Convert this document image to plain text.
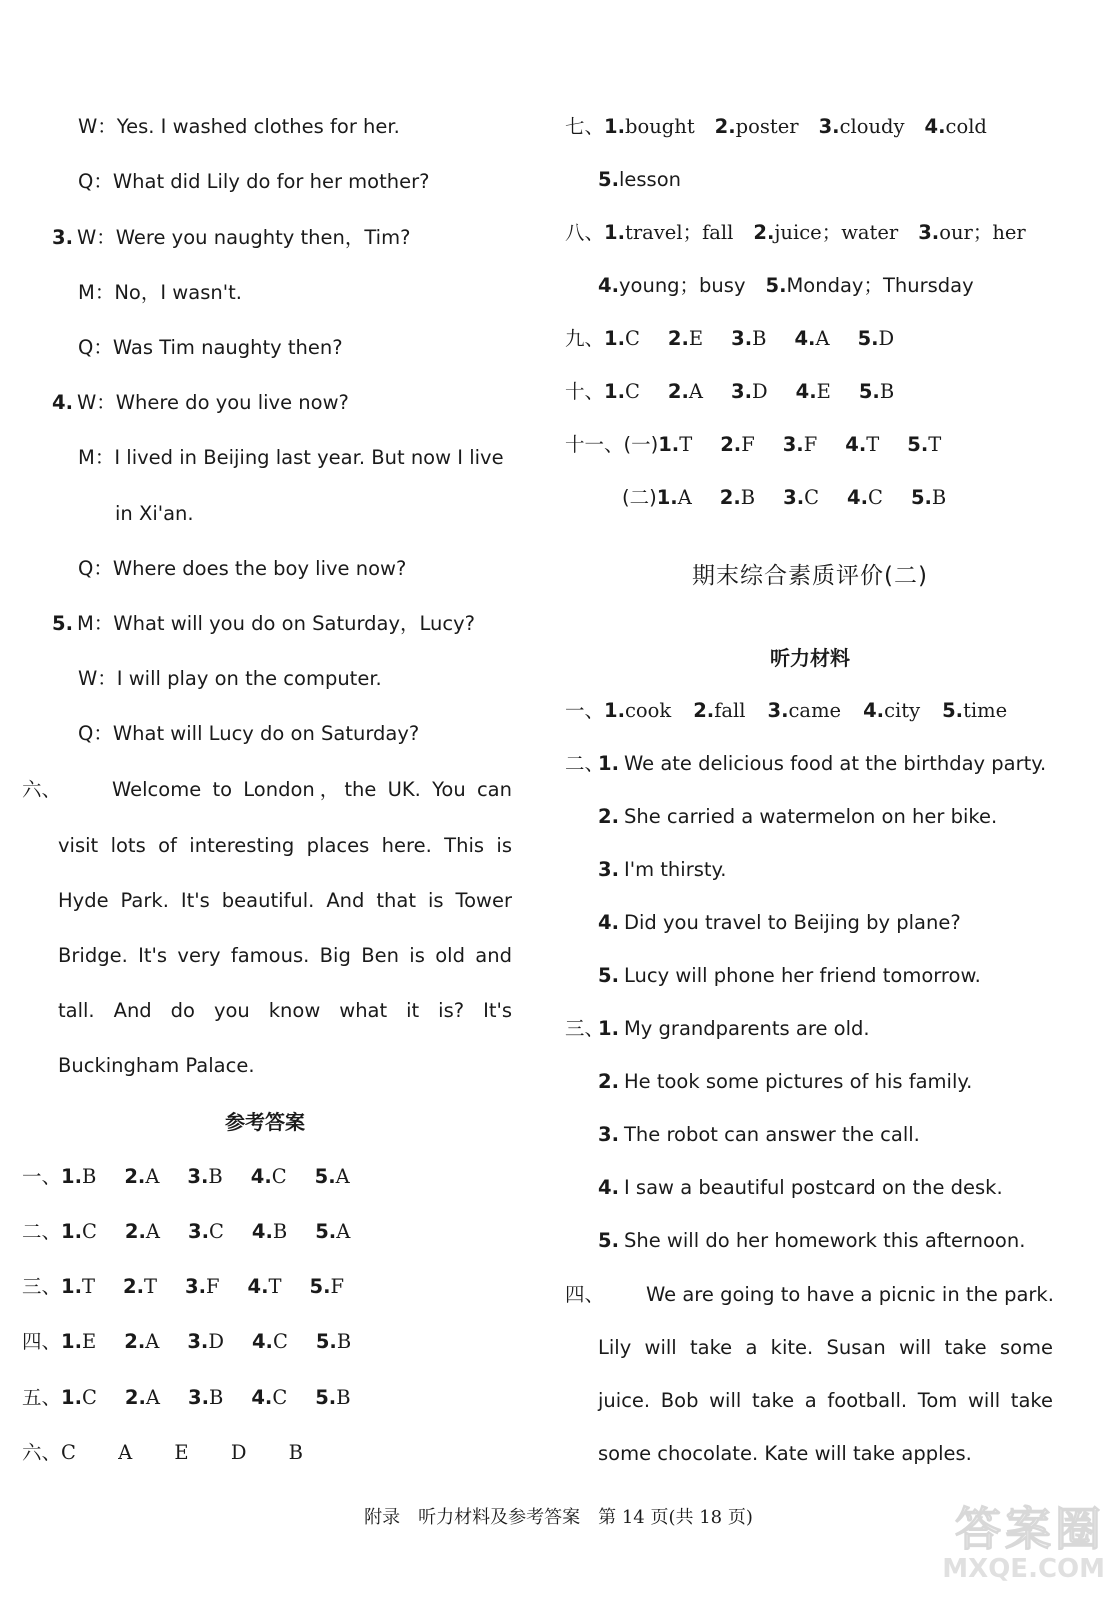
W：Yes. I washed clothes for her.
Q：What did Lily do for her mother?
3. W：Were you naughty then，Tim?
M：No，I wasn't.
Q：Was Tim naughty then?
4. W：Where do you live now?
M：I lived in Beijing last year. But now I live
in Xi'an.
Q：Where does the boy live now?
5. M：What will you do on Saturday，Lucy?
W：I will play on the computer.
Q：What will Lucy do on Saturday?
六、	Welcome to London，the UK. You can
visit lots of interesting places here. This is
Hyde Park. It's beautiful. And that is Tower
Bridge. It's very famous. Big Ben is old and
tall. And do you know what it is? It's
Buckingham Palace.
参考答案
一、1.B 2.A 3.B 4.C 5.A
二、1.C 2.A 3.C 4.B 5.A
三、1.T 2.T 3.F 4.T 5.F
四、1.E 2.A 3.D 4.C 5.B
五、1.C 2.A 3.B 4.C 5.B
六、C A E D B
七、1.bought 2.poster 3.cloudy 4.cold
5.lesson
八、1.travel；fall 2.juice；water 3.our；her
4.young；busy 5.Monday；Thursday
九、1.C 2.E 3.B 4.A 5.D
十、1.C 2.A 3.D 4.E 5.B
十一、(一)1.T 2.F 3.F 4.T 5.T
(二)1.A 2.B 3.C 4.C 5.B
期末综合素质评价(二)
听力材料
一、1.cook 2.fall 3.came 4.city 5.time
二、
1. We ate delicious food at the birthday party.
2. She carried a watermelon on her bike.
3. I'm thirsty.
4. Did you travel to Beijing by plane?
5. Lucy will phone her friend tomorrow.
三、
1. My grandparents are old.
2. He took some pictures of his family.
3. The robot can answer the call.
4. I saw a beautiful postcard on the desk.
5. She will do her homework this afternoon.
四、 We are going to have a picnic in the park.
Lily will take a kite. Susan will take some
juice. Bob will take a football. Tom will take
some chocolate. Kate will take apples.
附录　听力材料及参考答案　第 14 页(共 18 页)	答案圈
MXQE.COM
